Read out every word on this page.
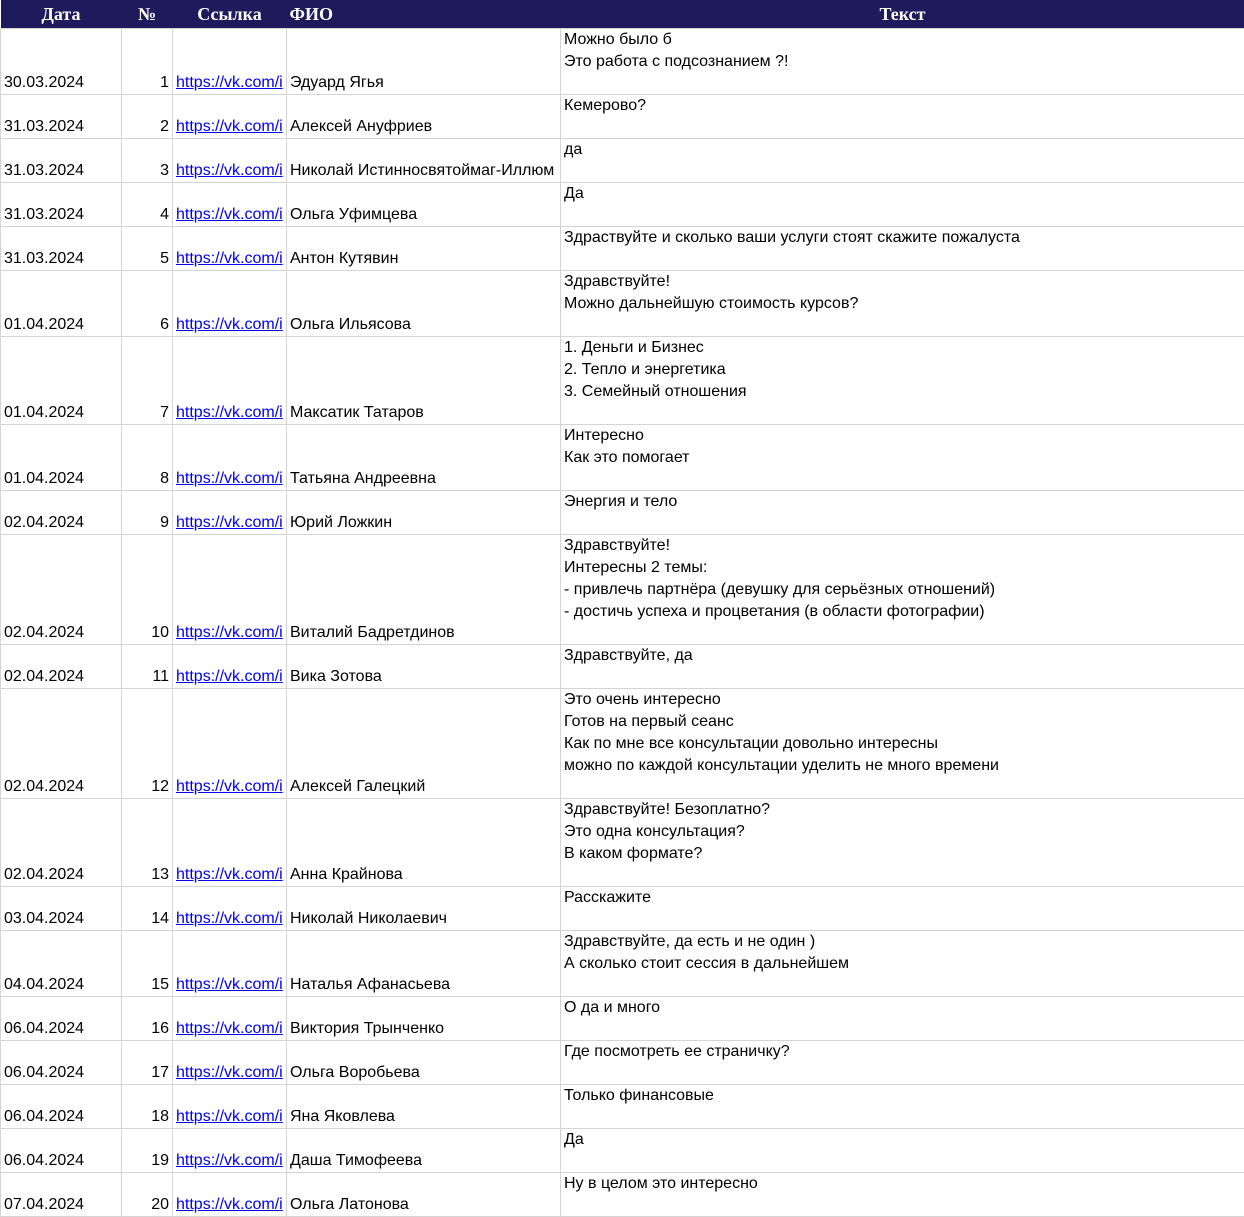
Дата	№	Ссылка	ФИО	Текст
30.03.2024	1	https://vk.com/i	Эдуард Ягья	Можно было б
Это работа с подсознанием ?!
31.03.2024	2	https://vk.com/i	Алексей Ануфриев	Кемерово?
31.03.2024	3	https://vk.com/i	Николай Истинносвятоймаг-Иллюм	да
31.03.2024	4	https://vk.com/i	Ольга Уфимцева	Да
31.03.2024	5	https://vk.com/i	Антон Кутявин	Здраствуйте и сколько ваши услуги стоят скажите пожалуста
01.04.2024	6	https://vk.com/i	Ольга Ильясова	Здравствуйте!
Можно дальнейшую стоимость курсов?
01.04.2024	7	https://vk.com/i	Максатик Татаров	1. Деньги и Бизнес
2. Тепло и энергетика
3. Семейный отношения
01.04.2024	8	https://vk.com/i	Татьяна Андреевна	Интересно
Как это помогает
02.04.2024	9	https://vk.com/i	Юрий Ложкин	Энергия и тело
02.04.2024	10	https://vk.com/i	Виталий Бадретдинов	Здравствуйте!
Интересны 2 темы:
- привлечь партнёра (девушку для серьёзных отношений)
- достичь успеха и процветания (в области фотографии)
02.04.2024	11	https://vk.com/i	Вика Зотова	Здравствуйте, да
02.04.2024	12	https://vk.com/i	Алексей Галецкий	Это очень интересно
Готов на первый сеанс
Как по мне все консультации довольно интересны
можно по каждой консультации уделить не много времени
02.04.2024	13	https://vk.com/i	Анна Крайнова	Здравствуйте! Безоплатно?
Это одна консультация?
В каком формате?
03.04.2024	14	https://vk.com/i	Николай Николаевич	Расскажите
04.04.2024	15	https://vk.com/i	Наталья Афанасьева	Здравствуйте, да есть и не один )
А сколько стоит сессия в дальнейшем
06.04.2024	16	https://vk.com/i	Виктория Трынченко	О да и много
06.04.2024	17	https://vk.com/i	Ольга Воробьева	Где посмотреть ее страничку?
06.04.2024	18	https://vk.com/i	Яна Яковлева	Только финансовые
06.04.2024	19	https://vk.com/i	Даша Тимофеева	Да
07.04.2024	20	https://vk.com/i	Ольга Латонова	Ну в целом это интересно
